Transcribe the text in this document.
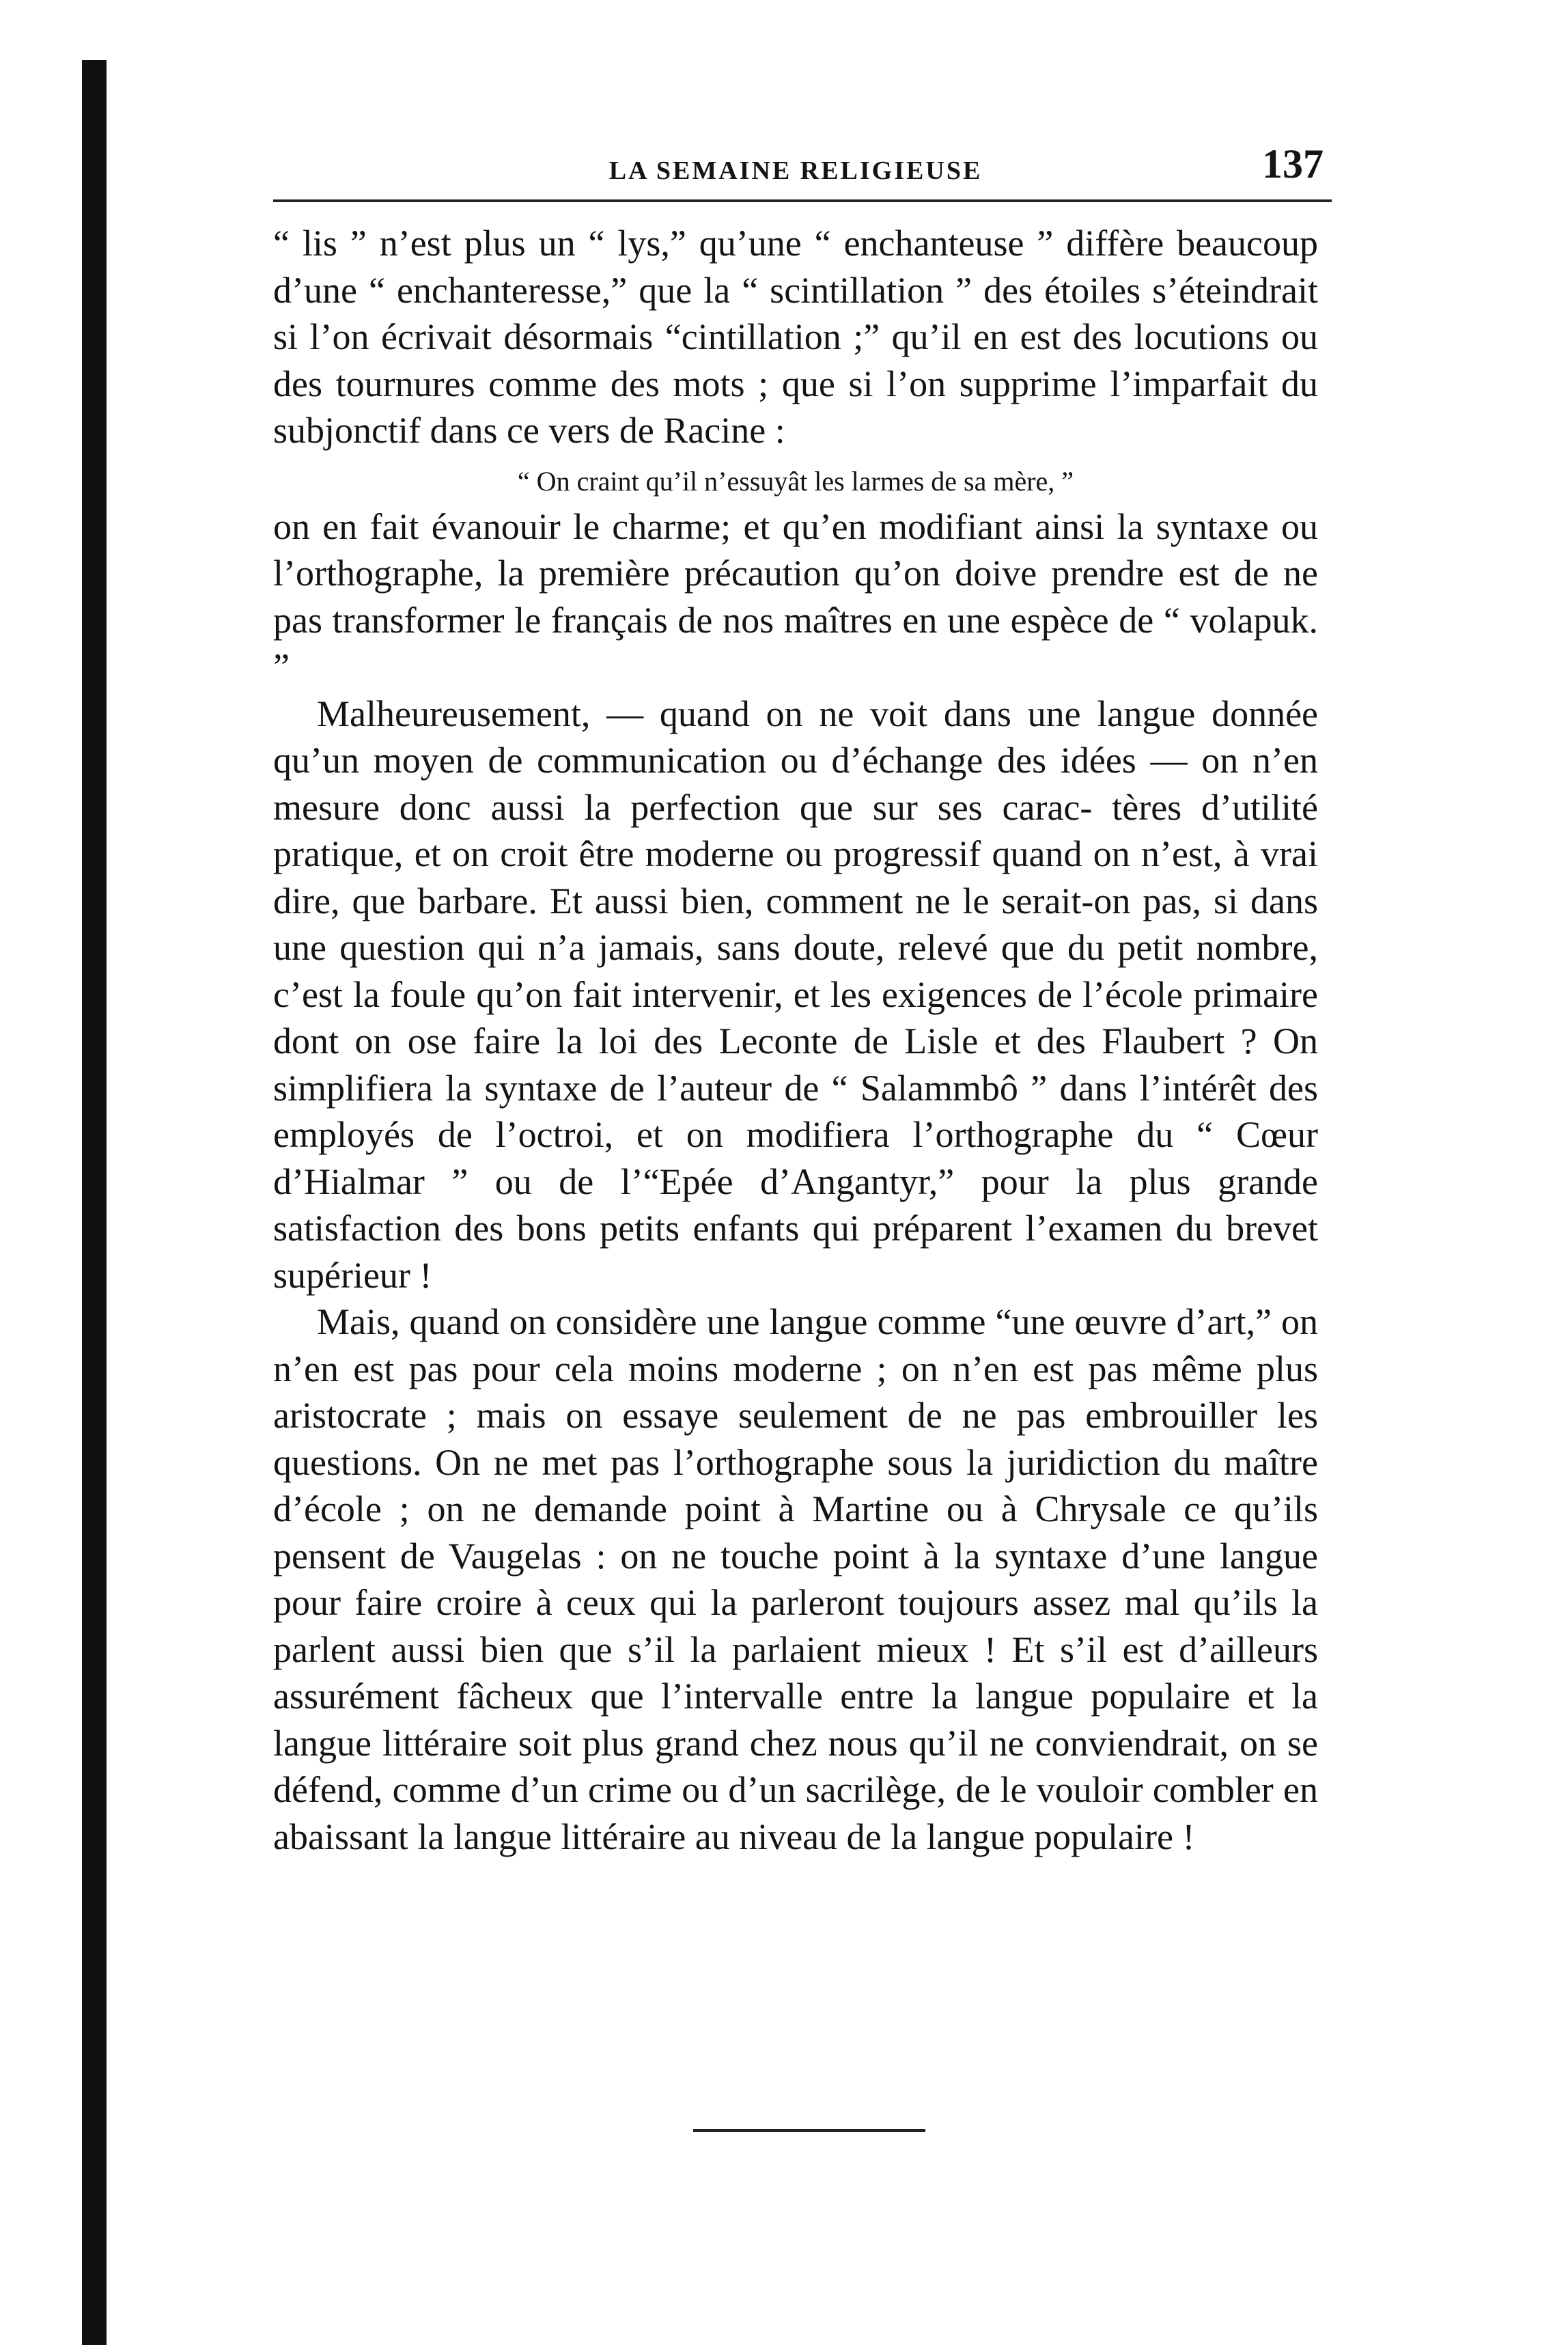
LA SEMAINE RELIGIEUSE	137

“ lis ” n’est plus un “ lys,” qu’une “ enchanteuse ” diffère beaucoup d’une “ enchanteresse,” que la “ scintillation ” des étoiles s’éteindrait si l’on écrivait désormais “cintillation ;” qu’il en est des locutions ou des tournures comme des mots ; que si l’on supprime l’imparfait du subjonctif dans ce vers de Racine :

“ On craint qu’il n’essuyât les larmes de sa mère, ”

on en fait évanouir le charme; et qu’en modifiant ainsi la syntaxe ou l’orthographe, la première précaution qu’on doive prendre est de ne pas transformer le français de nos maîtres en une espèce de “ volapuk. ”

Malheureusement, — quand on ne voit dans une langue donnée qu’un moyen de communication ou d’échange des idées — on n’en mesure donc aussi la perfection que sur ses carac- tères d’utilité pratique, et on croit être moderne ou progressif quand on n’est, à vrai dire, que barbare. Et aussi bien, comment ne le serait-on pas, si dans une question qui n’a jamais, sans doute, relevé que du petit nombre, c’est la foule qu’on fait intervenir, et les exigences de l’école primaire dont on ose faire la loi des Leconte de Lisle et des Flaubert ? On simplifiera la syntaxe de l’auteur de “ Salammbô ” dans l’intérêt des employés de l’octroi, et on modifiera l’orthographe du “ Cœur d’Hialmar ” ou de l’“Epée d’Angantyr,” pour la plus grande satisfaction des bons petits enfants qui préparent l’examen du brevet supérieur !

Mais, quand on considère une langue comme “une œuvre d’art,” on n’en est pas pour cela moins moderne ; on n’en est pas même plus aristocrate ; mais on essaye seulement de ne pas embrouiller les questions. On ne met pas l’orthographe sous la juridiction du maître d’école ; on ne demande point à Martine ou à Chrysale ce qu’ils pensent de Vaugelas : on ne touche point à la syntaxe d’une langue pour faire croire à ceux qui la parleront toujours assez mal qu’ils la parlent aussi bien que s’il la parlaient mieux ! Et s’il est d’ailleurs assurément fâcheux que l’intervalle entre la langue populaire et la langue littéraire soit plus grand chez nous qu’il ne conviendrait, on se défend, comme d’un crime ou d’un sacrilège, de le vouloir combler en abaissant la langue littéraire au niveau de la langue populaire !
